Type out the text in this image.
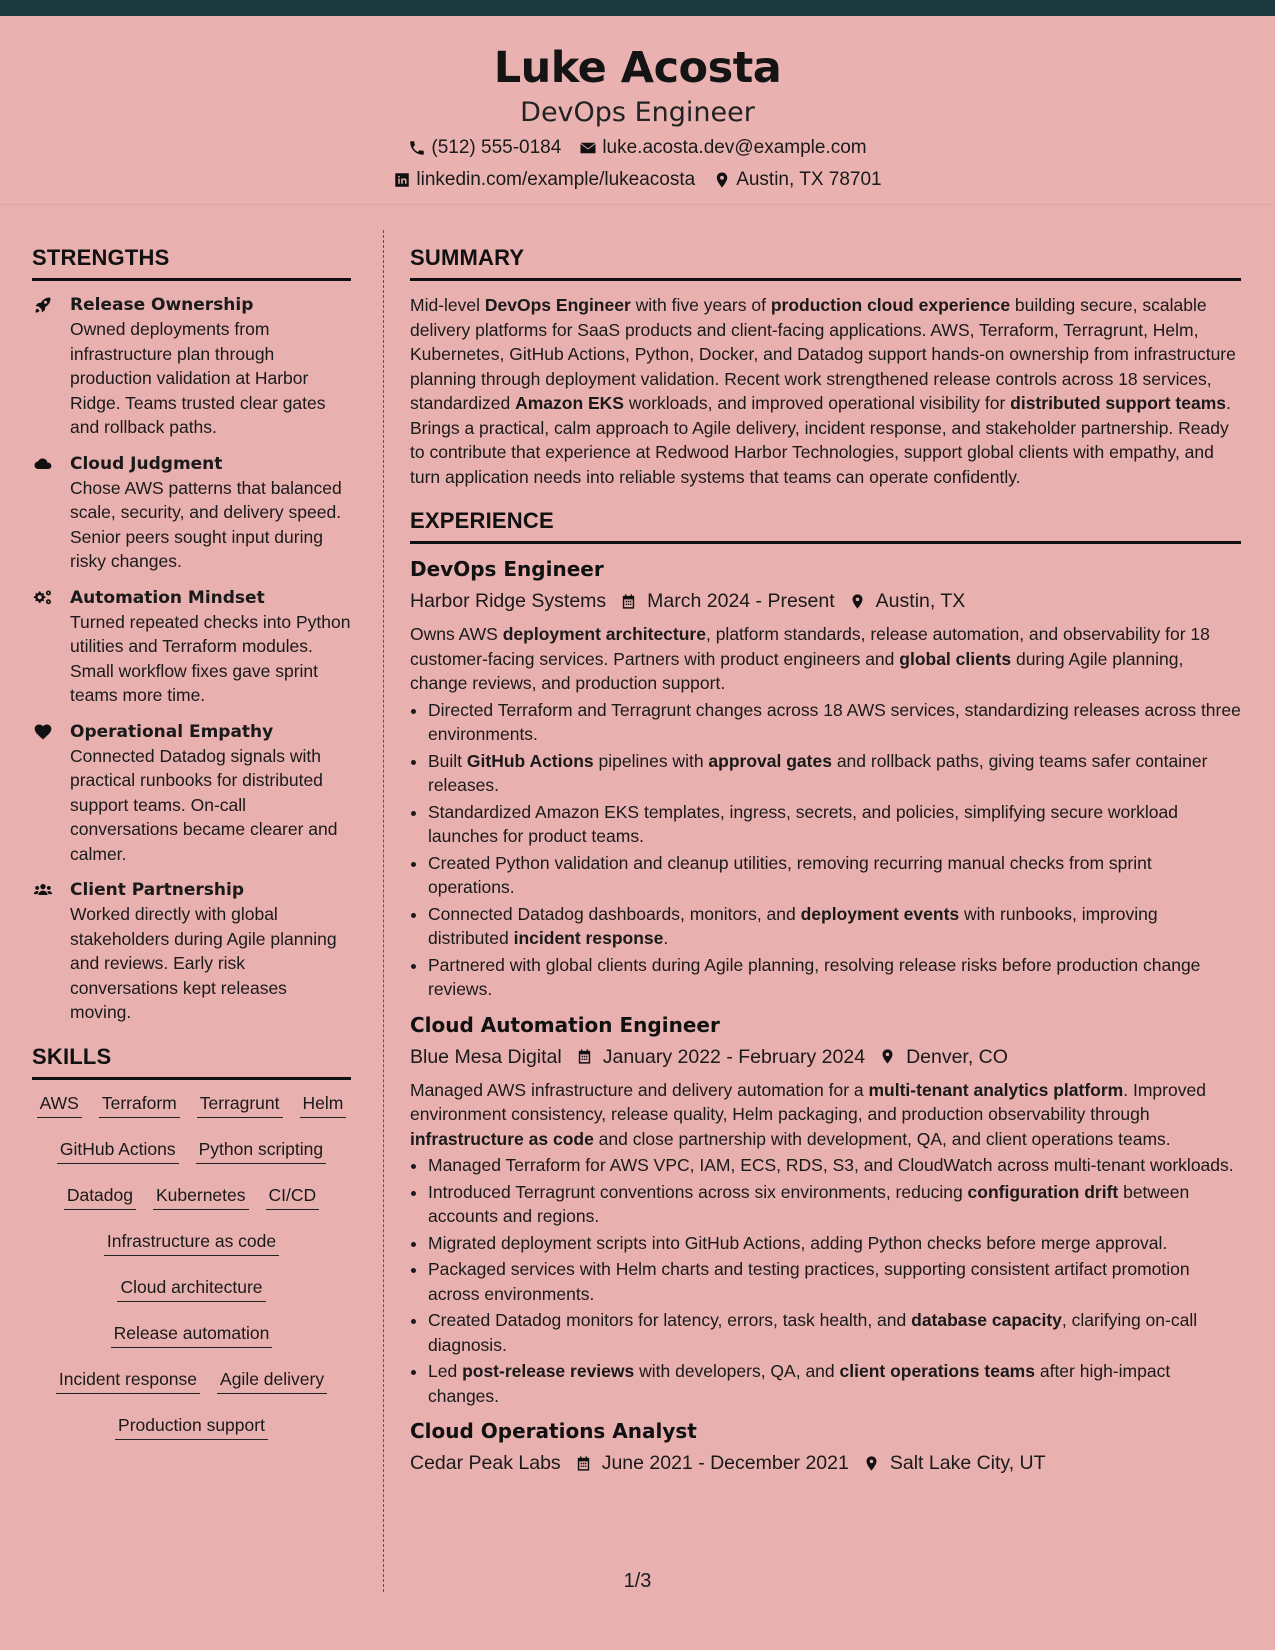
Luke Acosta
DevOps Engineer
(512) 555-0184 luke.acosta.dev@example.com
linkedin.com/example/lukeacosta Austin, TX 78701
STRENGTHS
Release Ownership
Owned deployments from infrastructure plan through production validation at Harbor Ridge. Teams trusted clear gates and rollback paths.
Cloud Judgment
Chose AWS patterns that balanced scale, security, and delivery speed. Senior peers sought input during risky changes.
Automation Mindset
Turned repeated checks into Python utilities and Terraform modules. Small workflow fixes gave sprint teams more time.
Operational Empathy
Connected Datadog signals with practical runbooks for distributed support teams. On-call conversations became clearer and calmer.
Client Partnership
Worked directly with global stakeholders during Agile planning and reviews. Early risk conversations kept releases moving.
SKILLS
AWS Terraform Terragrunt Helm
GitHub Actions Python scripting
Datadog Kubernetes CI/CD
Infrastructure as code
Cloud architecture
Release automation
Incident response Agile delivery
Production support
SUMMARY
Mid-level DevOps Engineer with five years of production cloud experience building secure, scalable delivery platforms for SaaS products and client-facing applications. AWS, Terraform, Terragrunt, Helm, Kubernetes, GitHub Actions, Python, Docker, and Datadog support hands-on ownership from infrastructure planning through deployment validation. Recent work strengthened release controls across 18 services, standardized Amazon EKS workloads, and improved operational visibility for distributed support teams. Brings a practical, calm approach to Agile delivery, incident response, and stakeholder partnership. Ready to contribute that experience at Redwood Harbor Technologies, support global clients with empathy, and turn application needs into reliable systems that teams can operate confidently.
EXPERIENCE
DevOps Engineer
Harbor Ridge Systems March 2024 - Present Austin, TX
Owns AWS deployment architecture, platform standards, release automation, and observability for 18 customer-facing services. Partners with product engineers and global clients during Agile planning, change reviews, and production support.
• Directed Terraform and Terragrunt changes across 18 AWS services, standardizing releases across three environments.
• Built GitHub Actions pipelines with approval gates and rollback paths, giving teams safer container releases.
• Standardized Amazon EKS templates, ingress, secrets, and policies, simplifying secure workload launches for product teams.
• Created Python validation and cleanup utilities, removing recurring manual checks from sprint operations.
• Connected Datadog dashboards, monitors, and deployment events with runbooks, improving distributed incident response.
• Partnered with global clients during Agile planning, resolving release risks before production change reviews.
Cloud Automation Engineer
Blue Mesa Digital January 2022 - February 2024 Denver, CO
Managed AWS infrastructure and delivery automation for a multi-tenant analytics platform. Improved environment consistency, release quality, Helm packaging, and production observability through infrastructure as code and close partnership with development, QA, and client operations teams.
• Managed Terraform for AWS VPC, IAM, ECS, RDS, S3, and CloudWatch across multi-tenant workloads.
• Introduced Terragrunt conventions across six environments, reducing configuration drift between accounts and regions.
• Migrated deployment scripts into GitHub Actions, adding Python checks before merge approval.
• Packaged services with Helm charts and testing practices, supporting consistent artifact promotion across environments.
• Created Datadog monitors for latency, errors, task health, and database capacity, clarifying on-call diagnosis.
• Led post-release reviews with developers, QA, and client operations teams after high-impact changes.
Cloud Operations Analyst
Cedar Peak Labs June 2021 - December 2021 Salt Lake City, UT
1/3
